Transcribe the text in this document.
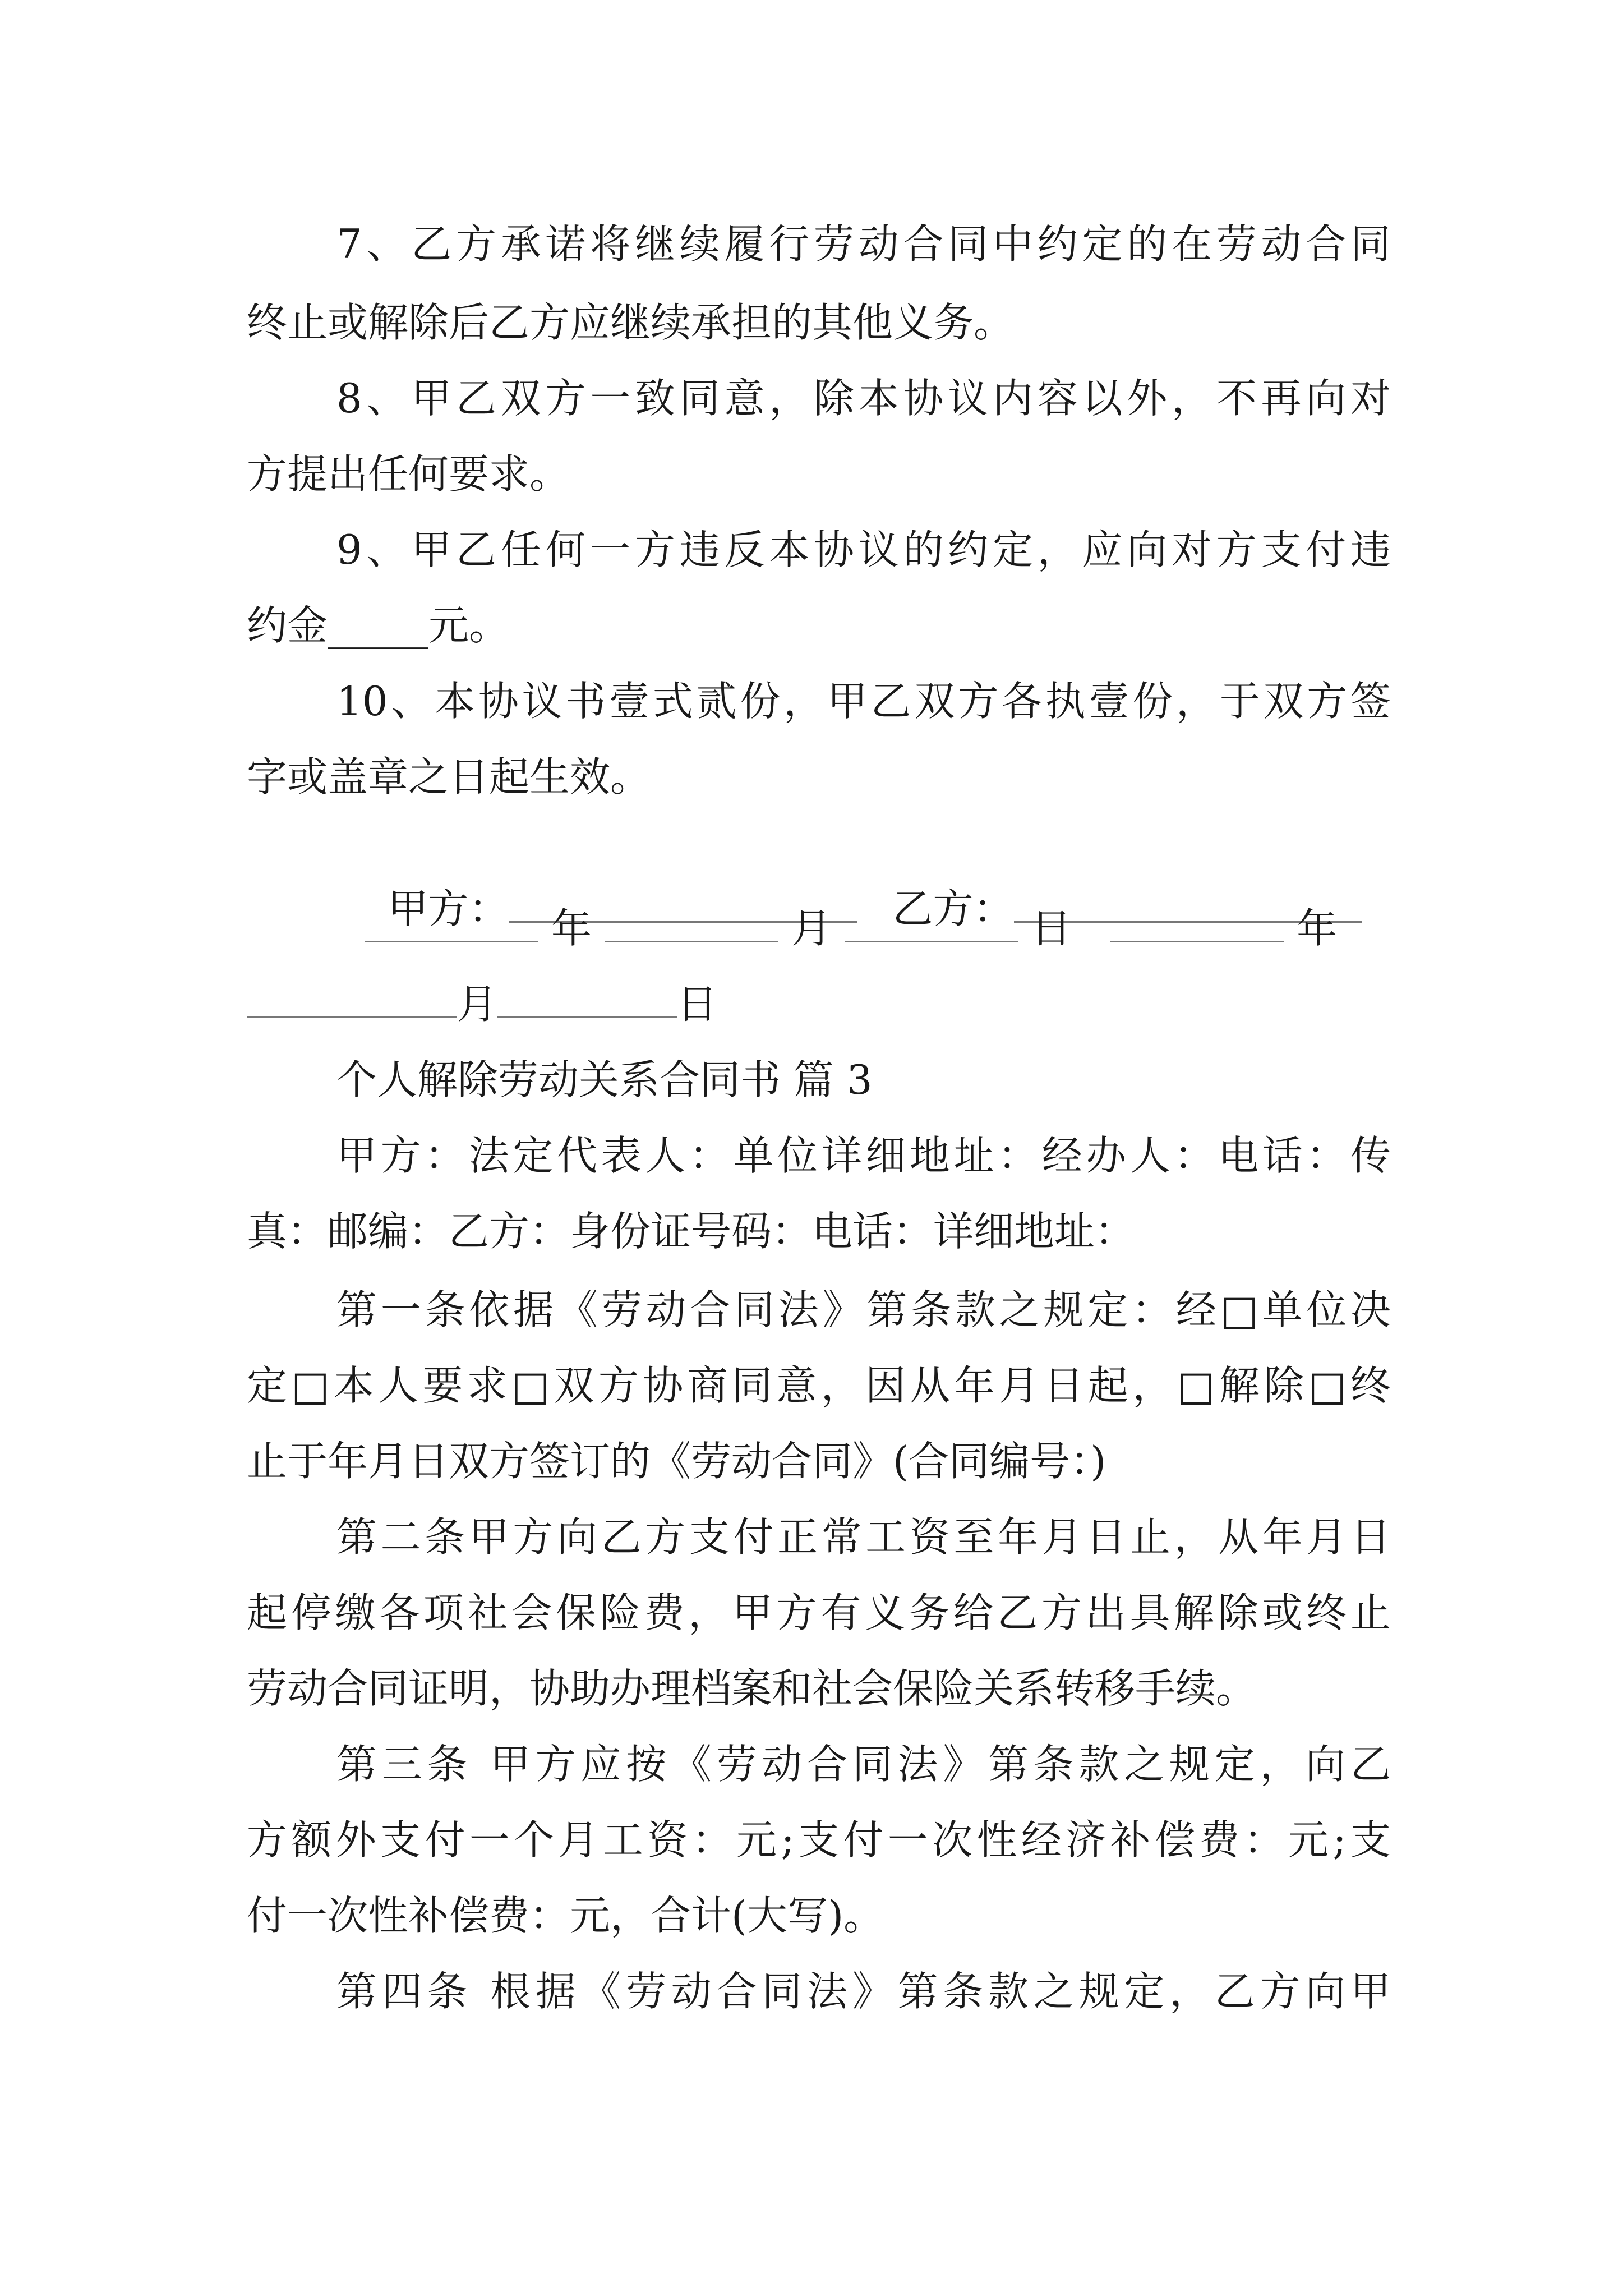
7、乙方承诺将继续履行劳动合同中约定的在劳动合同
终止或解除后乙方应继续承担的其他义务。
8、甲乙双方一致同意，除本协议内容以外，不再向对
方提出任何要求。
9、甲乙任何一方违反本协议的约定，应向对方支付违
约金_____元。
10、本协议书壹式贰份，甲乙双方各执壹份，于双方签
字或盖章之日起生效。

甲方：
	乙方：

年	月	日	年
月	日
个人解除劳动关系合同书 篇 3
甲方：法定代表人：单位详细地址：经办人：电话：传
真：邮编：乙方：身份证号码：电话：详细地址：
第一条依据《劳动合同法》第条款之规定：经□单位决
定□本人要求□双方协商同意，因从年月日起，□解除□终
止于年月日双方签订的《劳动合同》(合同编号：)
第二条甲方向乙方支付正常工资至年月日止，从年月日
起停缴各项社会保险费，甲方有义务给乙方出具解除或终止
劳动合同证明，协助办理档案和社会保险关系转移手续。
第三条 甲方应按《劳动合同法》第条款之规定，向乙
方额外支付一个月工资：元;支付一次性经济补偿费：元;支
付一次性补偿费：元，合计(大写)。
第四条 根据《劳动合同法》第条款之规定，乙方向甲
